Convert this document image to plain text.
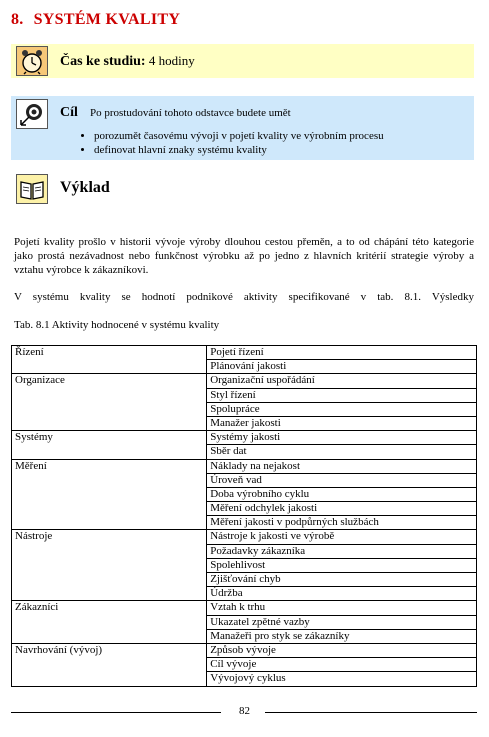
8. SYSTÉM KVALITY
Čas ke studiu: 4 hodiny
Cíl Po prostudování tohoto odstavce budete umět
• porozumět časovému vývoji v pojetí kvality ve výrobním procesu
• definovat hlavní znaky systému kvality
Výklad

Pojetí kvality prošlo v historii vývoje výroby dlouhou cestou přeměn, a to od chápání této kategorie jako prostá nezávadnost nebo funkčnost výrobku až po jedno z hlavních kritérií strategie výroby a vztahu výrobce k zákazníkovi.

V systému kvality se hodnotí podnikové aktivity specifikované v tab. 8.1. Výsledky

Tab. 8.1 Aktivity hodnocené v systému kvality

Řízení	Pojetí řízení
	Plánování jakosti
Organizace	Organizační uspořádání
	Styl řízení
	Spolupráce
	Manažer jakosti
Systémy	Systémy jakosti
	Sběr dat
Měření	Náklady na nejakost
	Úroveň vad
	Doba výrobního cyklu
	Měření odchylek jakosti
	Měření jakosti v podpůrných službách
Nástroje	Nástroje k jakosti ve výrobě
	Požadavky zákazníka
	Spolehlivost
	Zjišťování chyb
	Údržba
Zákazníci	Vztah k trhu
	Ukazatel zpětné vazby
	Manažeři pro styk se zákazníky
Navrhování (vývoj)	Způsob vývoje
	Cíl vývoje
	Vývojový cyklus
82
